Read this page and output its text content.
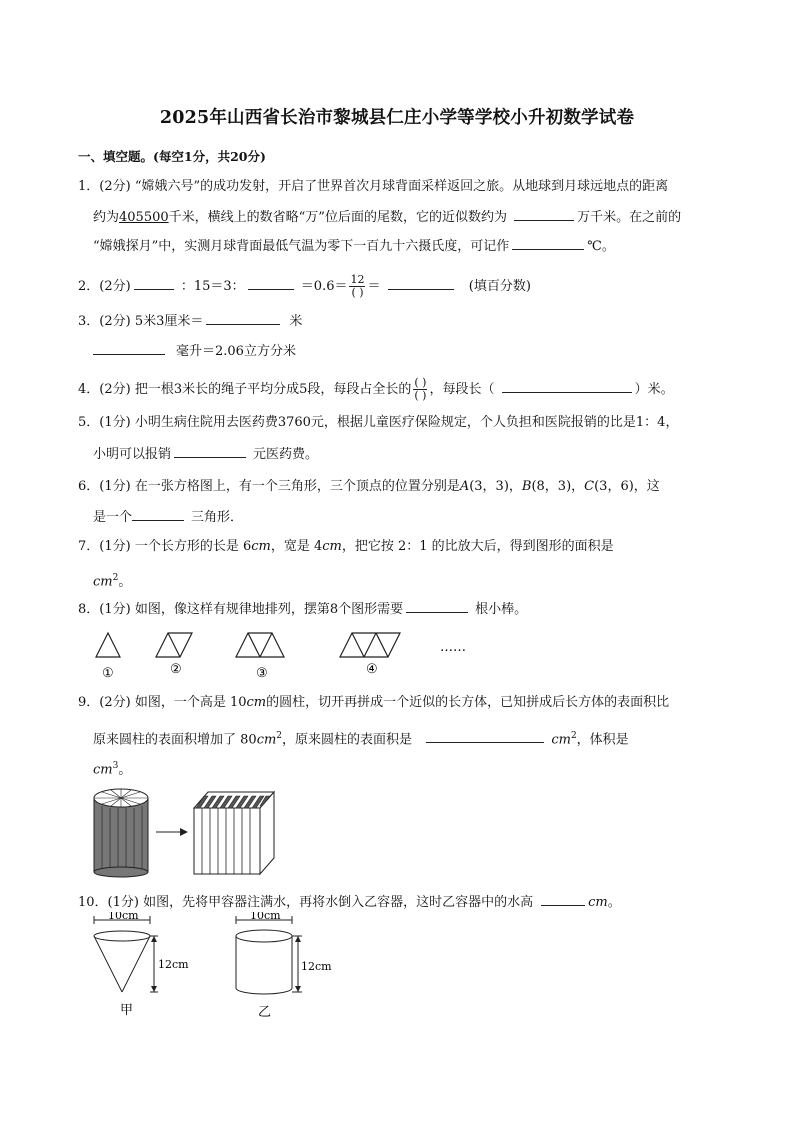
2025年山西省长治市黎城县仁庄小学等学校小升初数学试卷
一、填空题。(每空1分，共20分)
1．(2分) “嫦娥六号”的成功发射，开启了世界首次月球背面采样返回之旅。从地球到月球远地点的距离
约为405500千米，横线上的数省略“万”位后面的尾数，它的近似数约为	万千米。在之前的
“嫦娥探月”中，实测月球背面最低气温为零下一百九十六摄氏度，可记作	℃。
2．(2分)	：15＝3：	$=0.6= \frac{12}{( )}$ ＝	(填百分数)
3．(2分) 5米3厘米＝	米
毫升＝2.06立方分米
4．(2分) 把一根3米长的绳子平均分成5段，每段占全长的 $\frac{( )}{( )}$ ，每段长（	）米。
5．(1分) 小明生病住院用去医药费3760元，根据儿童医疗保险规定，个人负担和医院报销的比是1：4，
小明可以报销	元医药费。
6．(1分) 在一张方格图上，有一个三角形，三个顶点的位置分别是A(3，3)，B(8，3)，C(3，6)，这
是一个	三角形．
7．(1分) 一个长方形的长是 6cm，宽是 4cm，把它按 2：1 的比放大后，得到图形的面积是
$cm^2$。
8．(1分) 如图，像这样有规律地排列，摆第8个图形需要	根小棒。
①	②	③	④
……
9．(2分) 如图，一个高是 10cm的圆柱，切开再拼成一个近似的长方体，已知拼成后长方体的表面积比
原来圆柱的表面积增加了 $80cm^2$，原来圆柱的表面积是	$cm^2$，体积是
$cm^3$。
10．(1分) 如图，先将甲容器注满水，再将水倒入乙容器，这时乙容器中的水高	cm。
10cm
12cm
甲
10cm
12cm
乙
